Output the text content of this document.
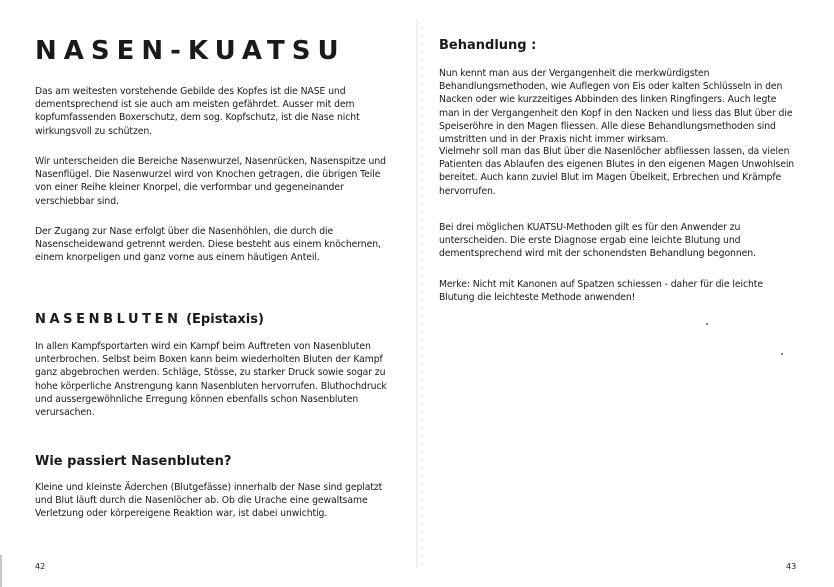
NASEN-KUATSU

Das am weitesten vorstehende Gebilde des Kopfes ist die NASE und dementsprechend ist sie auch am meisten gefährdet. Ausser mit dem kopfumfassenden Boxerschutz, dem sog. Kopfschutz, ist die Nase nicht wirkungsvoll zu schützen.

Wir unterscheiden die Bereiche Nasenwurzel, Nasenrücken, Nasenspitze und Nasenflügel. Die Nasenwurzel wird von Knochen getragen, die übrigen Teile von einer Reihe kleiner Knorpel, die verformbar und gegeneinander verschiebbar sind.

Der Zugang zur Nase erfolgt über die Nasenhöhlen, die durch die Nasenscheidewand getrennt werden. Diese besteht aus einem knöchernen, einem knorpeligen und ganz vorne aus einem häutigen Anteil.

NASENBLUTEN (Epistaxis)

In allen Kampfsportarten wird ein Kampf beim Auftreten von Nasenbluten unterbrochen. Selbst beim Boxen kann beim wiederholten Bluten der Kampf ganz abgebrochen werden. Schläge, Stösse, zu starker Druck sowie sogar zu hohe körperliche Anstrengung kann Nasenbluten hervorrufen. Bluthochdruck und aussergewöhnliche Erregung können ebenfalls schon Nasenbluten verursachen.

Wie passiert Nasenbluten?

Kleine und kleinste Äderchen (Blutgefässe) innerhalb der Nase sind geplatzt und Blut läuft durch die Nasenlöcher ab. Ob die Urache eine gewaltsame Verletzung oder körpereigene Reaktion war, ist dabei unwichtig.

42

Behandlung :

Nun kennt man aus der Vergangenheit die merkwürdigsten Behandlungsmethoden, wie Auflegen von Eis oder kalten Schlüsseln in den Nacken oder wie kurzzeitiges Abbinden des linken Ringfingers. Auch legte man in der Vergangenheit den Kopf in den Nacken und liess das Blut über die Speiseröhre in den Magen fliessen. Alle diese Behandlungsmethoden sind umstritten und in der Praxis nicht immer wirksam.

Vielmehr soll man das Blut über die Nasenlöcher abfliessen lassen, da vielen Patienten das Ablaufen des eigenen Blutes in den eigenen Magen Unwohlsein bereitet. Auch kann zuviel Blut im Magen Übelkeit, Erbrechen und Krämpfe hervorrufen.

Bei drei möglichen KUATSU-Methoden gilt es für den Anwender zu unterscheiden. Die erste Diagnose ergab eine leichte Blutung und dementsprechend wird mit der schonendsten Behandlung begonnen.

Merke: Nicht mit Kanonen auf Spatzen schiessen - daher für die leichte Blutung die leichteste Methode anwenden!

43
